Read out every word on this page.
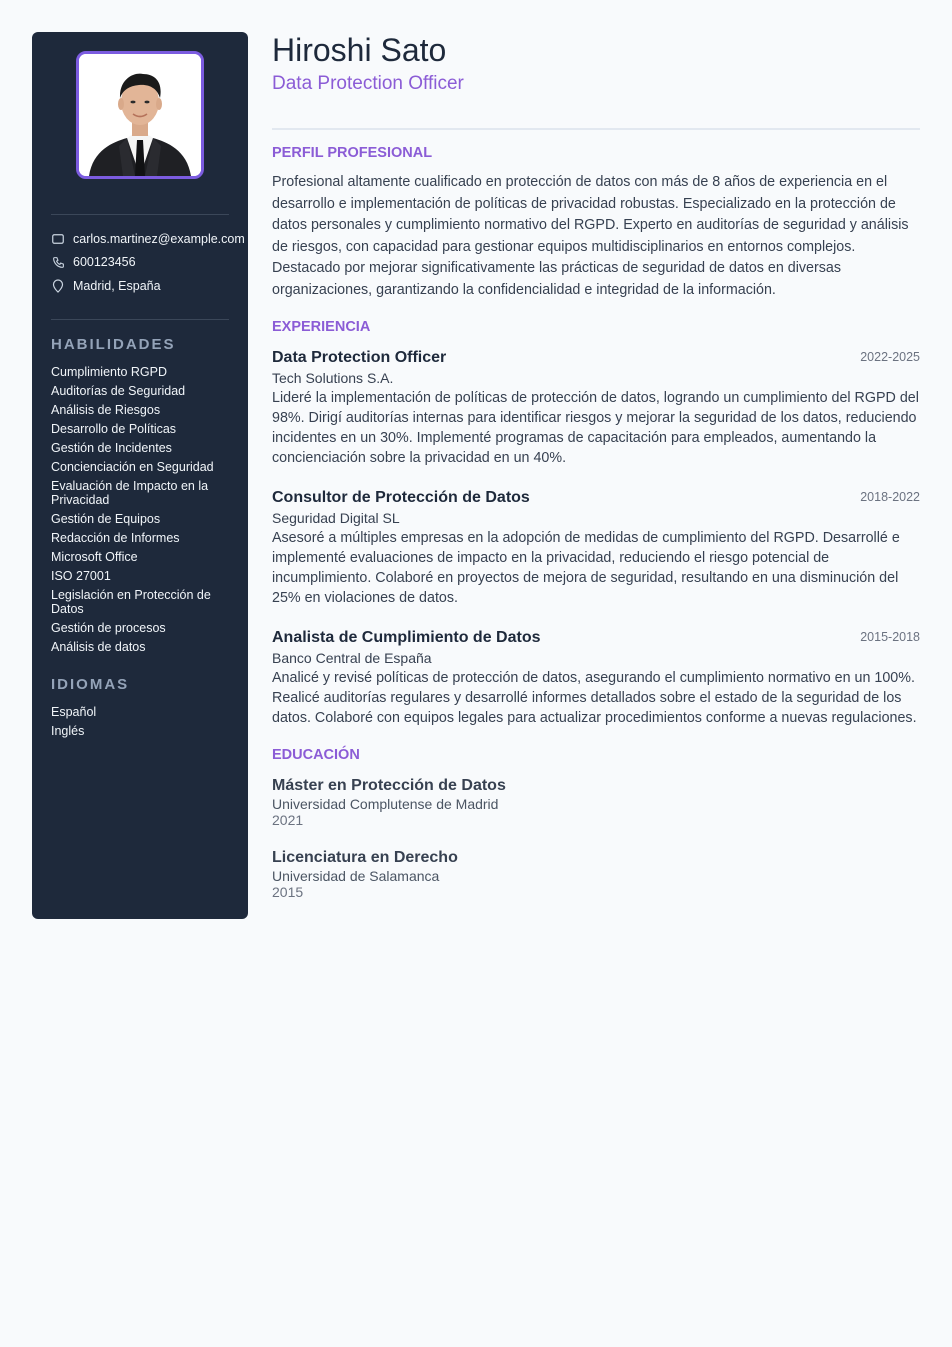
carlos.martinez@example.com
600123456
Madrid, España
HABILIDADES
Cumplimiento RGPD
Auditorías de Seguridad
Análisis de Riesgos
Desarrollo de Políticas
Gestión de Incidentes
Concienciación en Seguridad
Evaluación de Impacto en la Privacidad
Gestión de Equipos
Redacción de Informes
Microsoft Office
ISO 27001
Legislación en Protección de Datos
Gestión de procesos
Análisis de datos
IDIOMAS
Español
Inglés
Hiroshi Sato
Data Protection Officer
PERFIL PROFESIONAL

Profesional altamente cualificado en protección de datos con más de 8 años de experiencia en el desarrollo e implementación de políticas de privacidad robustas. Especializado en la protección de datos personales y cumplimiento normativo del RGPD. Experto en auditorías de seguridad y análisis de riesgos, con capacidad para gestionar equipos multidisciplinarios en entornos complejos. Destacado por mejorar significativamente las prácticas de seguridad de datos en diversas organizaciones, garantizando la confidencialidad e integridad de la información.

EXPERIENCIA
Data Protection Officer	2022-2025
Tech Solutions S.A.

Lideré la implementación de políticas de protección de datos, logrando un cumplimiento del RGPD del 98%. Dirigí auditorías internas para identificar riesgos y mejorar la seguridad de los datos, reduciendo incidentes en un 30%. Implementé programas de capacitación para empleados, aumentando la concienciación sobre la privacidad en un 40%.

Consultor de Protección de Datos	2018-2022
Seguridad Digital SL

Asesoré a múltiples empresas en la adopción de medidas de cumplimiento del RGPD. Desarrollé e implementé evaluaciones de impacto en la privacidad, reduciendo el riesgo potencial de incumplimiento. Colaboré en proyectos de mejora de seguridad, resultando en una disminución del 25% en violaciones de datos.

Analista de Cumplimiento de Datos	2015-2018
Banco Central de España

Analicé y revisé políticas de protección de datos, asegurando el cumplimiento normativo en un 100%. Realicé auditorías regulares y desarrollé informes detallados sobre el estado de la seguridad de los datos. Colaboré con equipos legales para actualizar procedimientos conforme a nuevas regulaciones.

EDUCACIÓN
Máster en Protección de Datos
Universidad Complutense de Madrid
2021
Licenciatura en Derecho
Universidad de Salamanca
2015
